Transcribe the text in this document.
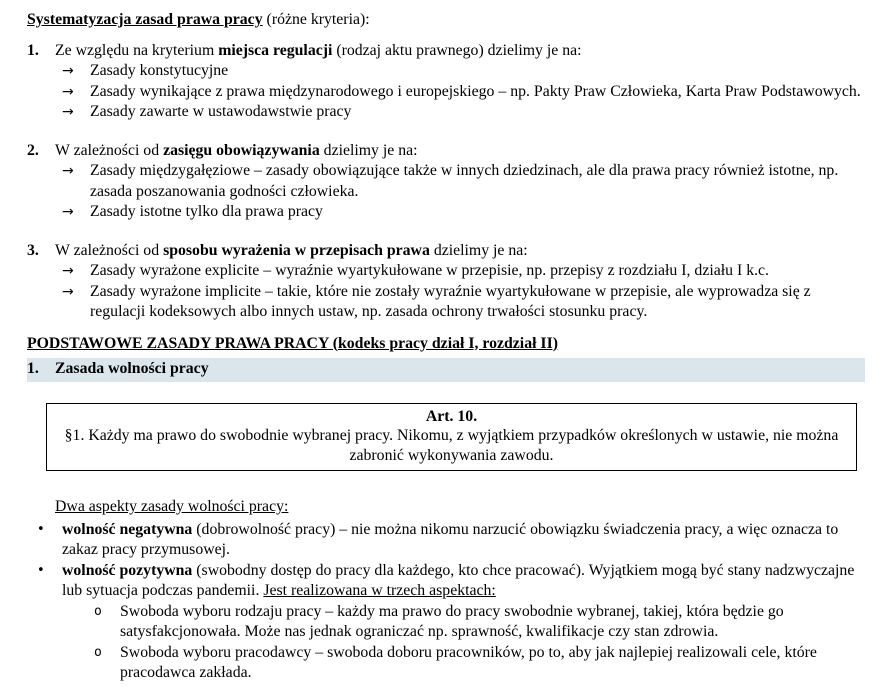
Systematyzacja zasad prawa pracy (różne kryteria):

1.	Ze względu na kryterium miejsca regulacji (rodzaj aktu prawnego) dzielimy je na:
→	Zasady konstytucyjne
→	Zasady wynikające z prawa międzynarodowego i europejskiego – np. Pakty Praw Człowieka, Karta Praw Podstawowych.
→	Zasady zawarte w ustawodawstwie pracy
2.	W zależności od zasięgu obowiązywania dzielimy je na:
→	Zasady międzygałęziowe – zasady obowiązujące także w innych dziedzinach, ale dla prawa pracy również istotne, np. zasada poszanowania godności człowieka.
→	Zasady istotne tylko dla prawa pracy
3.	W zależności od sposobu wyrażenia w przepisach prawa dzielimy je na:
→	Zasady wyrażone explicite – wyraźnie wyartykułowane w przepisie, np. przepisy z rozdziału I, działu I k.c.
→	Zasady wyrażone implicite – takie, które nie zostały wyraźnie wyartykułowane w przepisie, ale wyprowadza się z regulacji kodeksowych albo innych ustaw, np. zasada ochrony trwałości stosunku pracy.

PODSTAWOWE ZASADY PRAWA PRACY (kodeks pracy dział I, rozdział II)

1.	Zasada wolności pracy
Art. 10.
§1. Każdy ma prawo do swobodnie wybranej pracy. Nikomu, z wyjątkiem przypadków określonych w ustawie, nie można zabronić wykonywania zawodu.

Dwa aspekty zasady wolności pracy:

•	wolność negatywna (dobrowolność pracy) – nie można nikomu narzucić obowiązku świadczenia pracy, a więc oznacza to zakaz pracy przymusowej.
•	wolność pozytywna (swobodny dostęp do pracy dla każdego, kto chce pracować). Wyjątkiem mogą być stany nadzwyczajne lub sytuacja podczas pandemii. Jest realizowana w trzech aspektach:
o	Swoboda wyboru rodzaju pracy – każdy ma prawo do pracy swobodnie wybranej, takiej, która będzie go satysfakcjonowała. Może nas jednak ograniczać np. sprawność, kwalifikacje czy stan zdrowia.
o	Swoboda wyboru pracodawcy – swoboda doboru pracowników, po to, aby jak najlepiej realizowali cele, które pracodawca zakłada.
